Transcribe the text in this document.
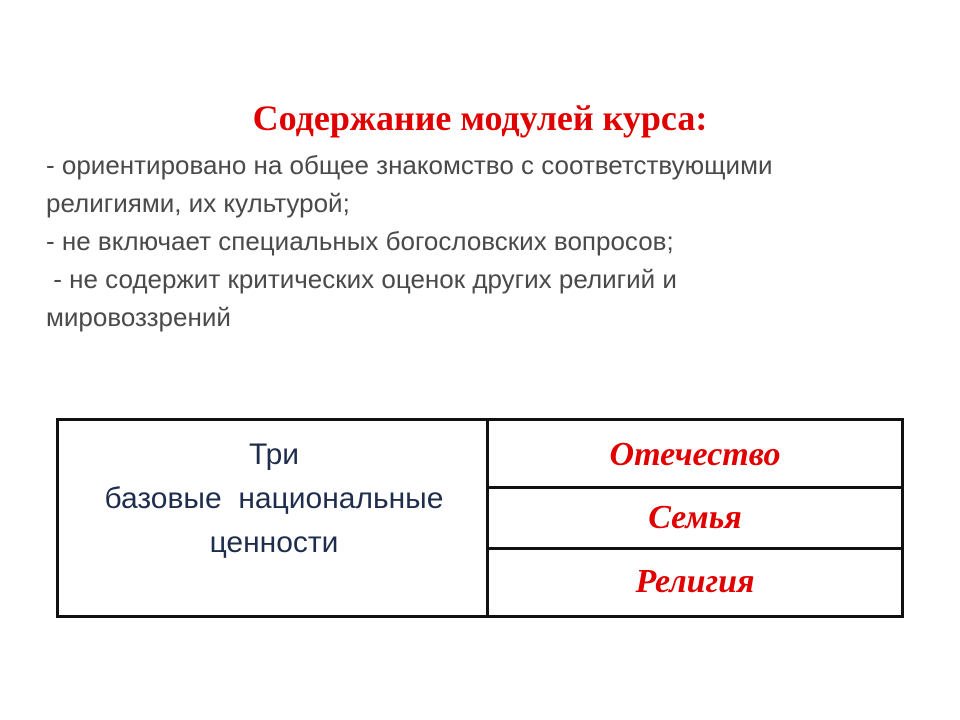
Содержание модулей курса:
- ориентировано на общее знакомство с соответствующими
религиями, их культурой;
- не включает специальных богословских вопросов;
- не содержит критических оценок других религий и
мировоззрений
Три
базовые  национальные
ценности
Отечество
Семья
Религия
